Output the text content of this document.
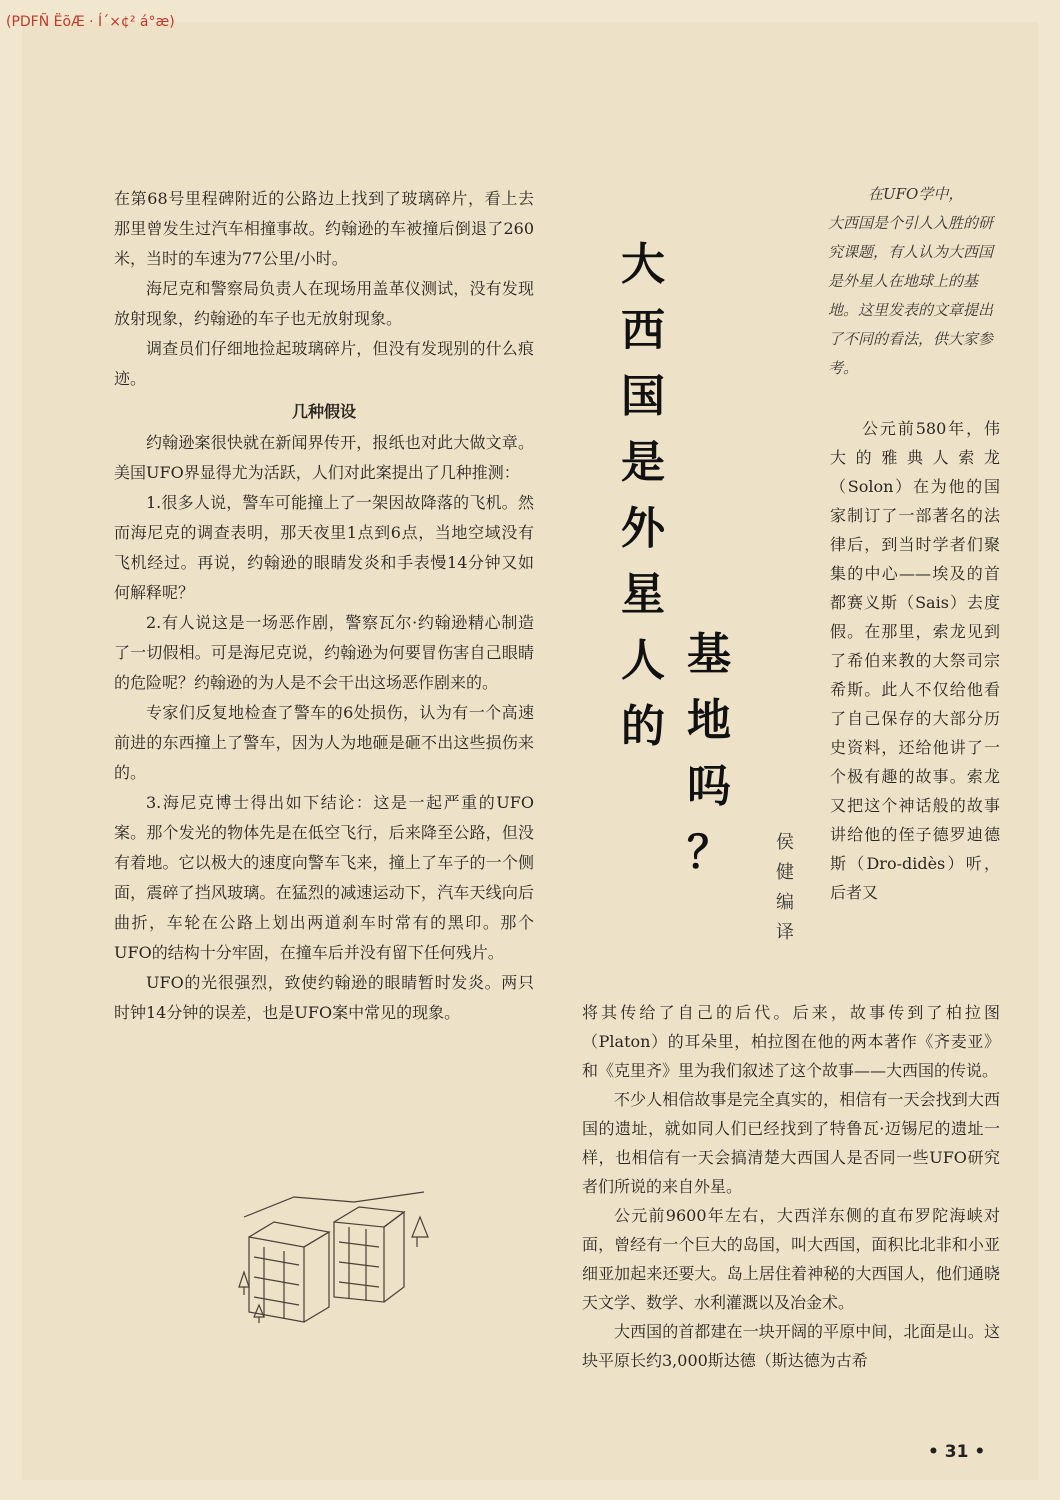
在第68号里程碑附近的公路边上找到了玻璃碎片，看上去那里曾发生过汽车相撞事故。约翰逊的车被撞后倒退了260米，当时的车速为77公里/小时。

海尼克和警察局负责人在现场用盖革仪测试，没有发现放射现象，约翰逊的车子也无放射现象。

调查员们仔细地捡起玻璃碎片，但没有发现别的什么痕迹。

几种假设

约翰逊案很快就在新闻界传开，报纸也对此大做文章。美国UFO界显得尤为活跃，人们对此案提出了几种推测：

1.很多人说，警车可能撞上了一架因故降落的飞机。然而海尼克的调查表明，那天夜里1点到6点，当地空域没有飞机经过。再说，约翰逊的眼睛发炎和手表慢14分钟又如何解释呢？

2.有人说这是一场恶作剧，警察瓦尔·约翰逊精心制造了一切假相。可是海尼克说，约翰逊为何要冒伤害自己眼睛的危险呢？约翰逊的为人是不会干出这场恶作剧来的。

专家们反复地检查了警车的6处损伤，认为有一个高速前进的东西撞上了警车，因为人为地砸是砸不出这些损伤来的。

3.海尼克博士得出如下结论：这是一起严重的UFO案。那个发光的物体先是在低空飞行，后来降至公路，但没有着地。它以极大的速度向警车飞来，撞上了车子的一个侧面，震碎了挡风玻璃。在猛烈的减速运动下，汽车天线向后曲折，车轮在公路上划出两道刹车时常有的黑印。那个UFO的结构十分牢固，在撞车后并没有留下任何残片。

UFO的光很强烈，致使约翰逊的眼睛暂时发炎。两只时钟14分钟的误差，也是UFO案中常见的现象。

大
西
国
是
外
星
人
的
基
地
吗
？	侯
健
编
译

在UFO学中，

大西国是个引人入胜的研究课题，有人认为大西国是外星人在地球上的基地。这里发表的文章提出了不同的看法，供大家参考。

公元前580年，伟大的雅典人索龙（Solon）在为他的国家制订了一部著名的法律后，到当时学者们聚集的中心——埃及的首都赛义斯（Sais）去度假。在那里，索龙见到了希伯来教的大祭司宗希斯。此人不仅给他看了自己保存的大部分历史资料，还给他讲了一个极有趣的故事。索龙又把这个神话般的故事讲给他的侄子德罗迪德斯（Dro-didès）听，后者又

将其传给了自己的后代。后来，故事传到了柏拉图（Platon）的耳朵里，柏拉图在他的两本著作《齐麦亚》和《克里齐》里为我们叙述了这个故事——大西国的传说。

不少人相信故事是完全真实的，相信有一天会找到大西国的遗址，就如同人们已经找到了特鲁瓦·迈锡尼的遗址一样，也相信有一天会搞清楚大西国人是否同一些UFO研究者们所说的来自外星。

公元前9600年左右，大西洋东侧的直布罗陀海峡对面，曾经有一个巨大的岛国，叫大西国，面积比北非和小亚细亚加起来还要大。岛上居住着神秘的大西国人，他们通晓天文学、数学、水利灌溉以及冶金术。

大西国的首都建在一块开阔的平原中间，北面是山。这块平原长约3,000斯达德（斯达德为古希

• 31 •
(PDFÑ ËõÆ · Í´×¢² á°æ)
